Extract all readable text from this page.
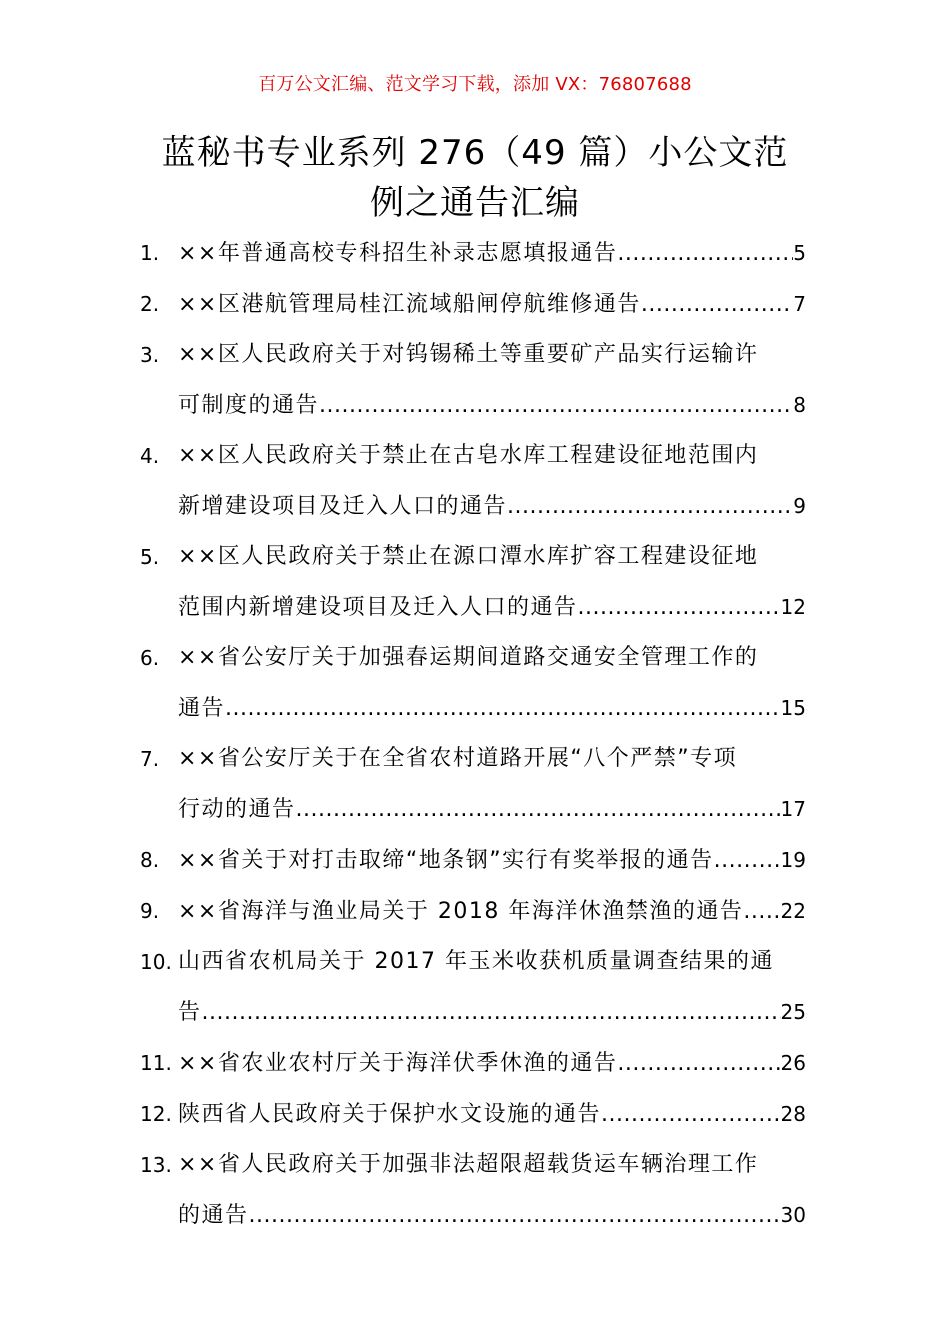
百万公文汇编、范文学习下载，添加 VX：76807688
蓝秘书专业系列 276（49 篇）小公文范
例之通告汇编
1. ××年普通高校专科招生补录志愿填报通告 .....	5
2. ××区港航管理局桂江流域船闸停航维修通告 .....	7
3. ××区人民政府关于对钨锡稀土等重要矿产品实行运输许
可制度的通告 .....	8
4. ××区人民政府关于禁止在古皂水库工程建设征地范围内
新增建设项目及迁入人口的通告 .....	9
5. ××区人民政府关于禁止在源口潭水库扩容工程建设征地
范围内新增建设项目及迁入人口的通告 .....	12
6. ××省公安厅关于加强春运期间道路交通安全管理工作的
通告 .....	15
7. ××省公安厅关于在全省农村道路开展“八个严禁”专项
行动的通告 .....	17
8. ××省关于对打击取缔“地条钢”实行有奖举报的通告 .....	19
9. ××省海洋与渔业局关于 2018 年海洋休渔禁渔的通告 ..... 22
10. 山西省农机局关于 2017 年玉米收获机质量调查结果的通
告 .....	25
11. ××省农业农村厅关于海洋伏季休渔的通告 .....	26
12. 陕西省人民政府关于保护水文设施的通告 .....	28
13. ××省人民政府关于加强非法超限超载货运车辆治理工作
的通告 .....	30
